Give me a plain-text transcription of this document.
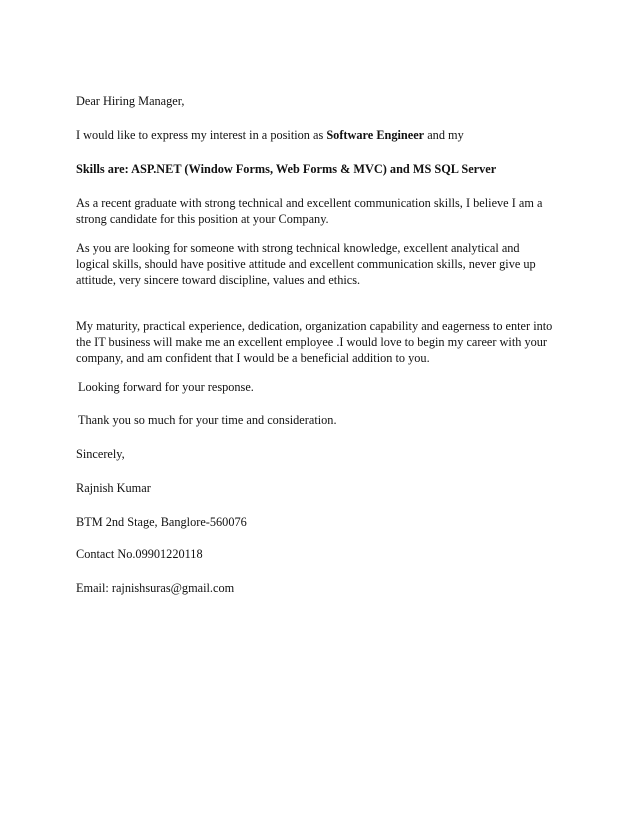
Dear Hiring Manager,

I would like to express my interest in a position as Software Engineer and my

Skills are: ASP.NET (Window Forms, Web Forms & MVC) and MS SQL Server

As a recent graduate with strong technical and excellent communication skills, I believe I am a
strong candidate for this position at your Company.

As you are looking for someone with strong technical knowledge, excellent analytical and
logical skills, should have positive attitude and excellent communication skills, never give up
attitude, very sincere toward discipline, values and ethics.

My maturity, practical experience, dedication, organization capability and eagerness to enter into
the IT business will make me an excellent employee .I would love to begin my career with your
company, and am confident that I would be a beneficial addition to you.

Looking forward for your response.

Thank you so much for your time and consideration.

Sincerely,

Rajnish Kumar

BTM 2nd Stage, Banglore-560076

Contact No.09901220118

Email: rajnishsuras@gmail.com
